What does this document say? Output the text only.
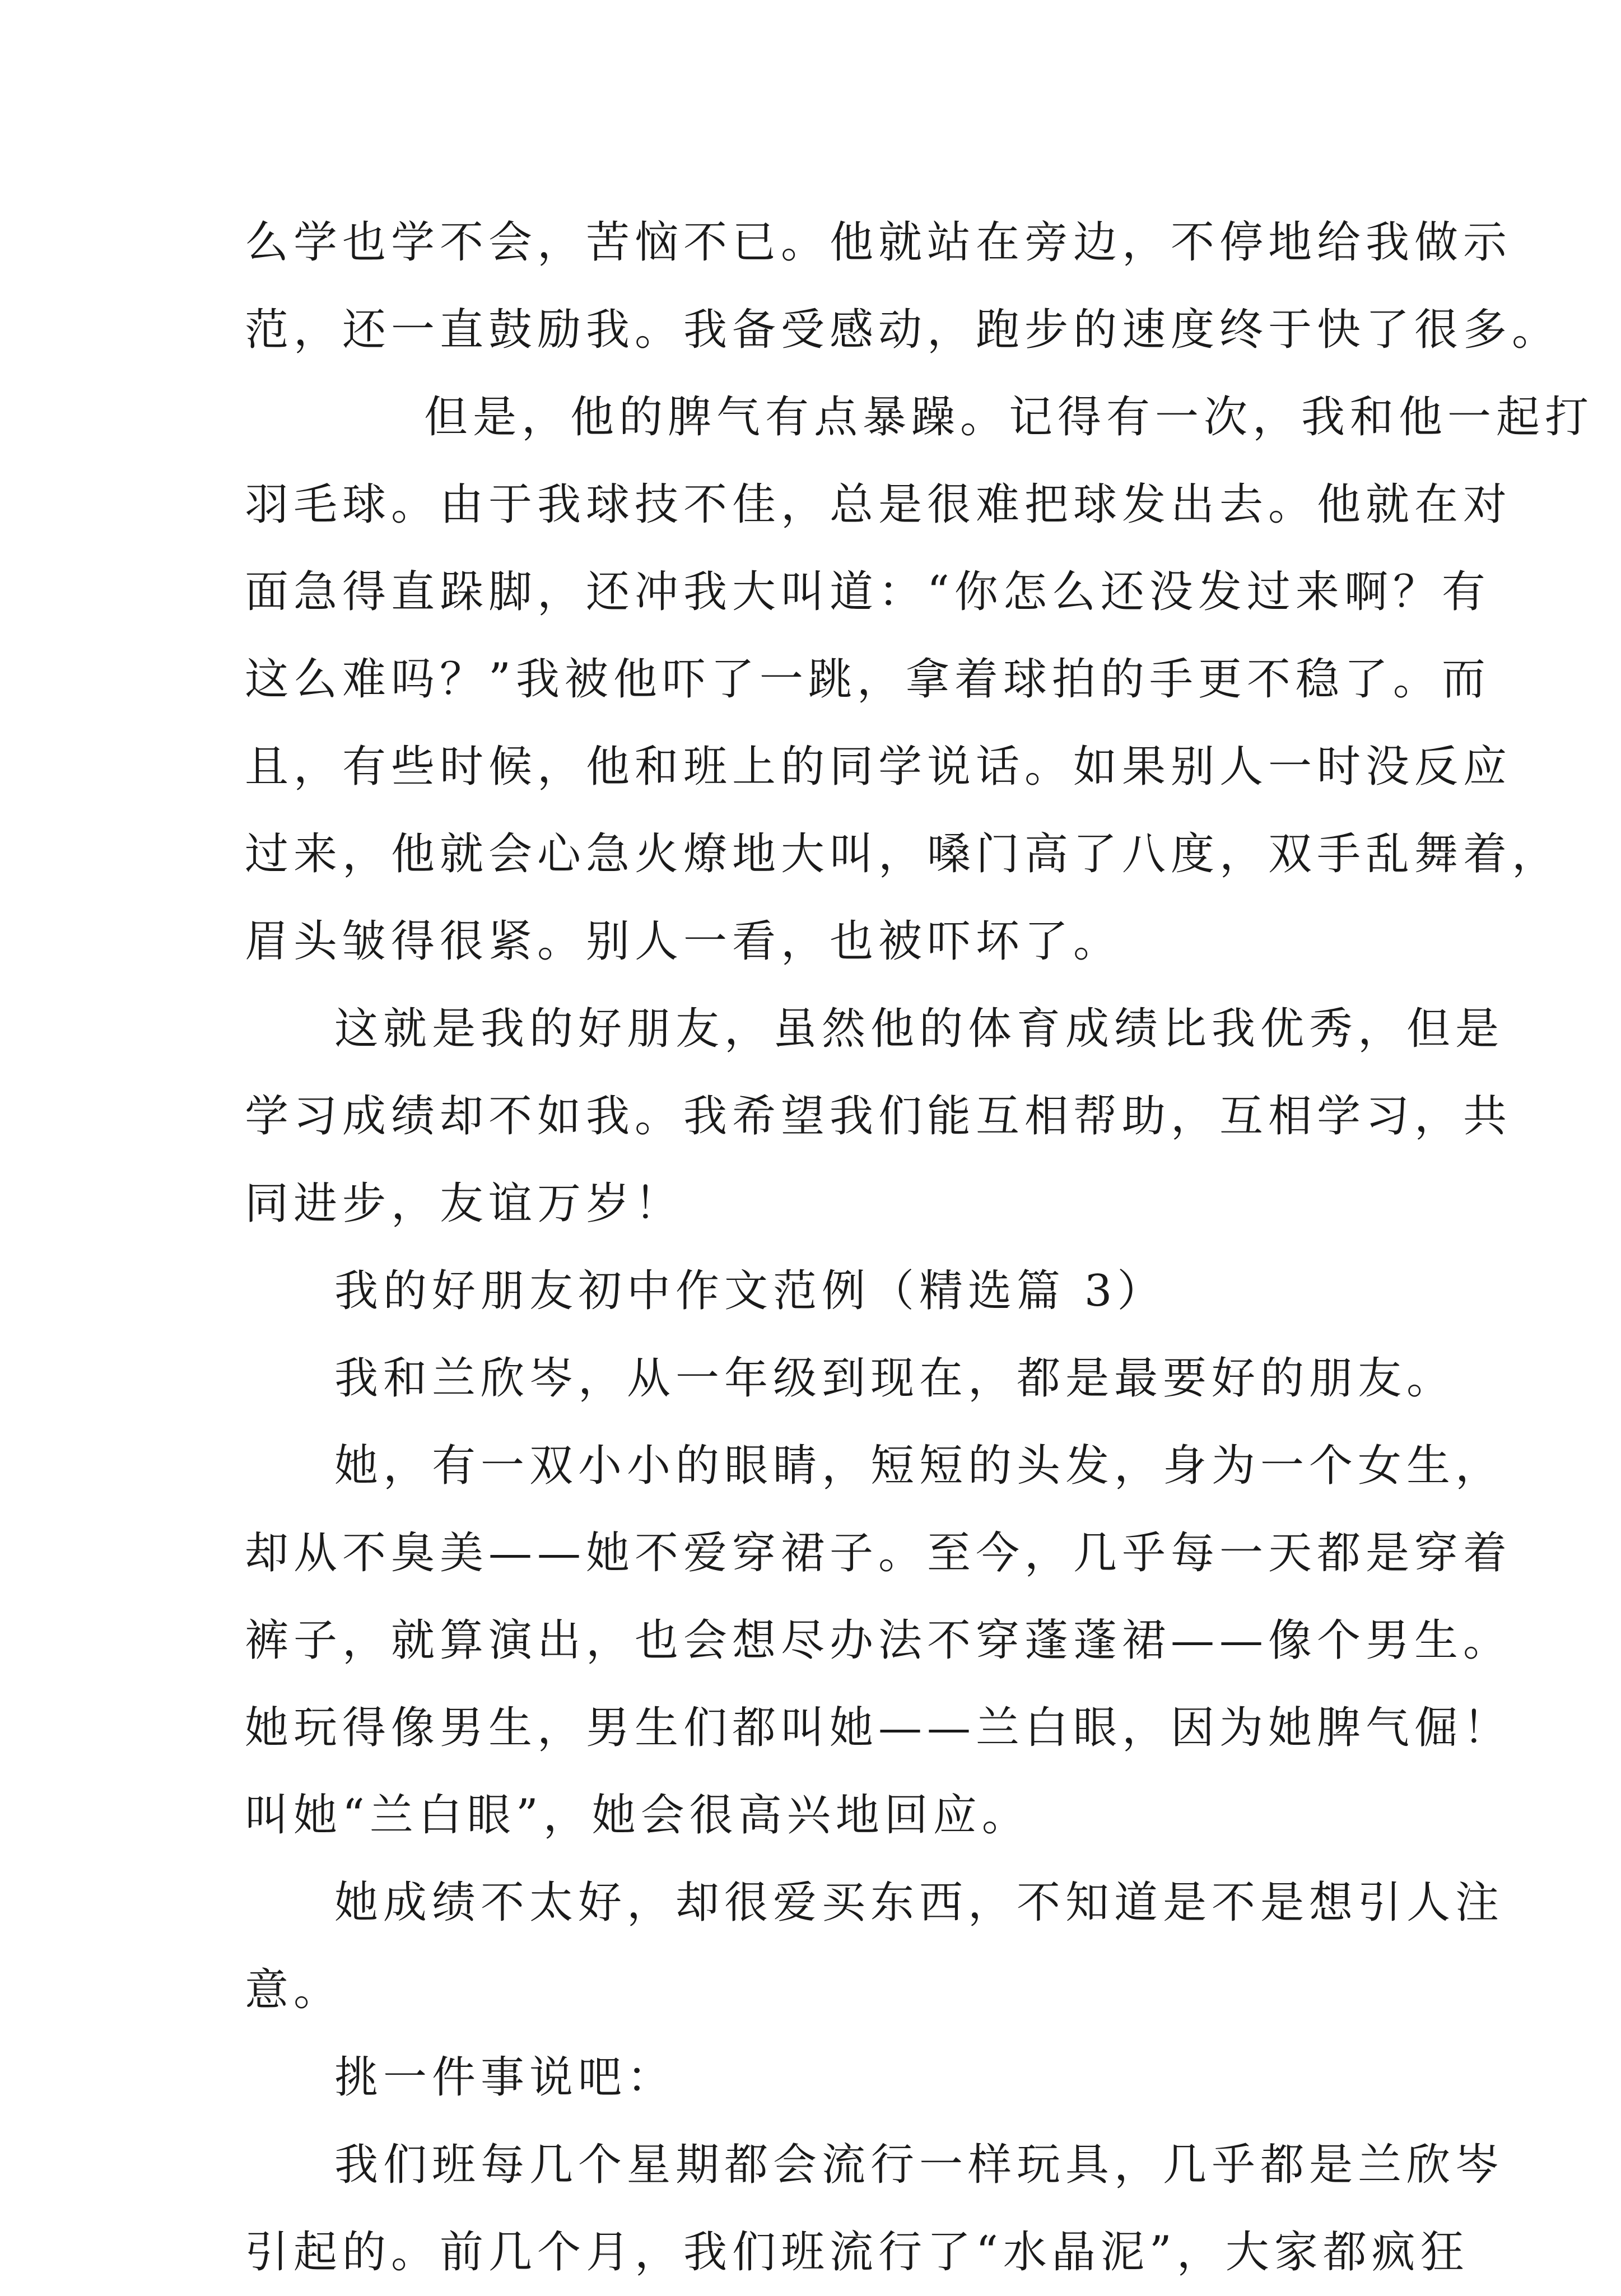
么学也学不会，苦恼不已。他就站在旁边，不停地给我做示
范，还一直鼓励我。我备受感动，跑步的速度终于快了很多。

但是，他的脾气有点暴躁。记得有一次，我和他一起打
羽毛球。由于我球技不佳，总是很难把球发出去。他就在对
面急得直跺脚，还冲我大叫道：“你怎么还没发过来啊？有
这么难吗？”我被他吓了一跳，拿着球拍的手更不稳了。而
且，有些时候，他和班上的同学说话。如果别人一时没反应
过来，他就会心急火燎地大叫，嗓门高了八度，双手乱舞着，
眉头皱得很紧。别人一看，也被吓坏了。

这就是我的好朋友，虽然他的体育成绩比我优秀，但是
学习成绩却不如我。我希望我们能互相帮助，互相学习，共
同进步，友谊万岁！

我的好朋友初中作文范例（精选篇 3）

我和兰欣岑，从一年级到现在，都是最要好的朋友。

她，有一双小小的眼睛，短短的头发，身为一个女生，
却从不臭美——她不爱穿裙子。至今，几乎每一天都是穿着
裤子，就算演出，也会想尽办法不穿蓬蓬裙——像个男生。
她玩得像男生，男生们都叫她——兰白眼，因为她脾气倔！
叫她“兰白眼”，她会很高兴地回应。

她成绩不太好，却很爱买东西，不知道是不是想引人注
意。

挑一件事说吧：

我们班每几个星期都会流行一样玩具，几乎都是兰欣岑
引起的。前几个月，我们班流行了“水晶泥”，大家都疯狂
